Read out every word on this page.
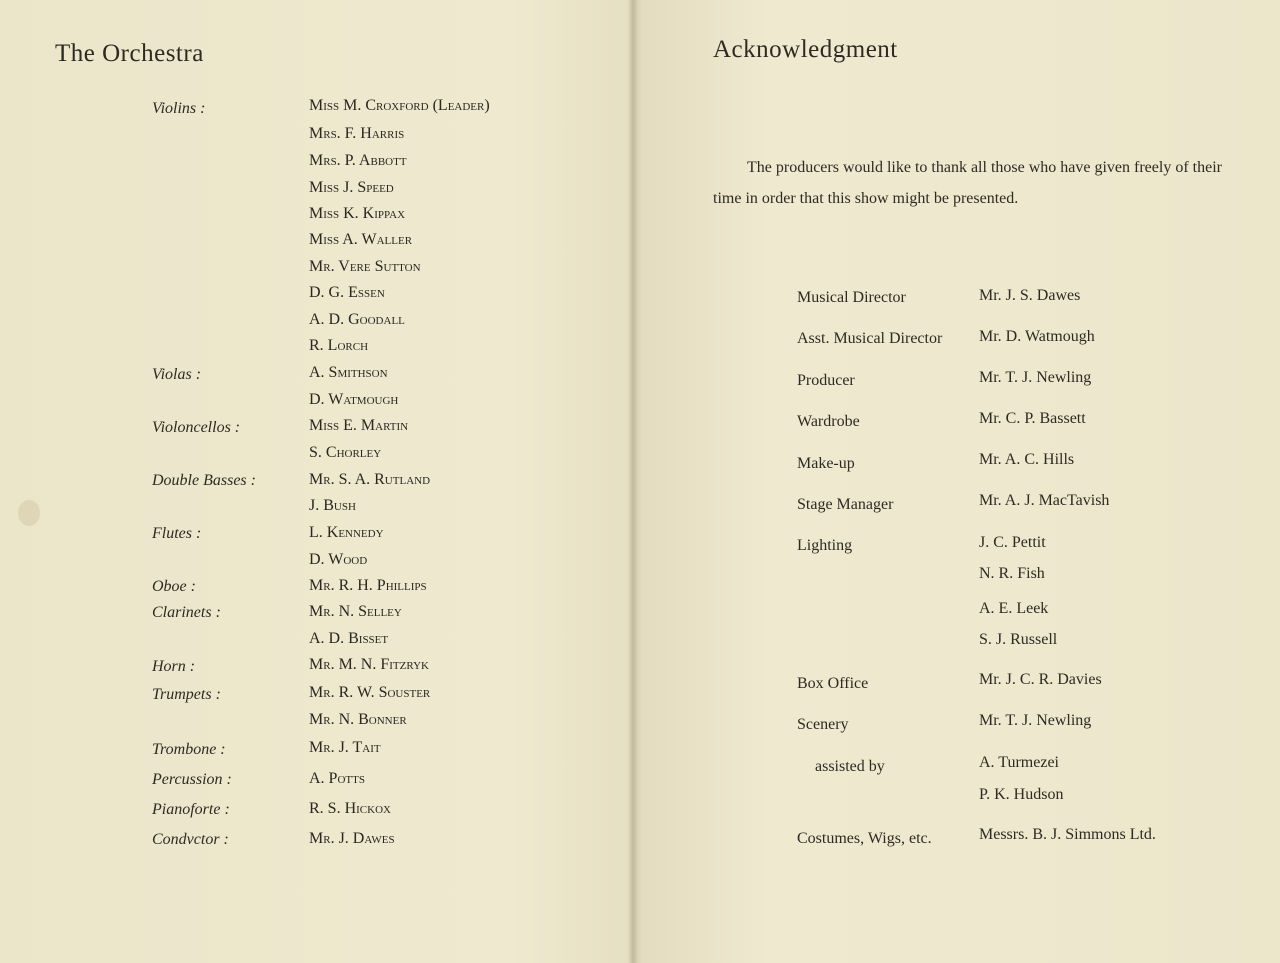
The Orchestra
Violins :	Miss M. Croxford (Leader)
Mrs. F. Harris
Mrs. P. Abbott
Miss J. Speed
Miss K. Kippax
Miss A. Waller
Mr. Vere Sutton
D. G. Essen
A. D. Goodall
R. Lorch
Violas :	A. Smithson
D. Watmough
Violoncellos :	Miss E. Martin
S. Chorley
Double Basses :	Mr. S. A. Rutland
J. Bush
Flutes :	L. Kennedy
D. Wood
Oboe :	Mr. R. H. Phillips
Clarinets :	Mr. N. Selley
A. D. Bisset
Horn :	Mr. M. N. Fitzryk
Trumpets :	Mr. R. W. Souster
Mr. N. Bonner
Trombone :	Mr. J. Tait
Percussion :	A. Potts
Pianoforte :	R. S. Hickox
Condvctor :	Mr. J. Dawes
Acknowledgment

The producers would like to thank all those who have given freely of their time in order that this show might be presented.

Musical Director	Mr. J. S. Dawes
Asst. Musical Director Mr. D. Watmough
Producer	Mr. T. J. Newling
Wardrobe	Mr. C. P. Bassett
Make-up	Mr. A. C. Hills
Stage Manager	Mr. A. J. MacTavish
Lighting	J. C. Pettit
N. R. Fish
A. E. Leek
S. J. Russell
Box Office	Mr. J. C. R. Davies
Scenery	Mr. T. J. Newling
assisted by	A. Turmezei
P. K. Hudson
Costumes, Wigs, etc.	Messrs. B. J. Simmons Ltd.
